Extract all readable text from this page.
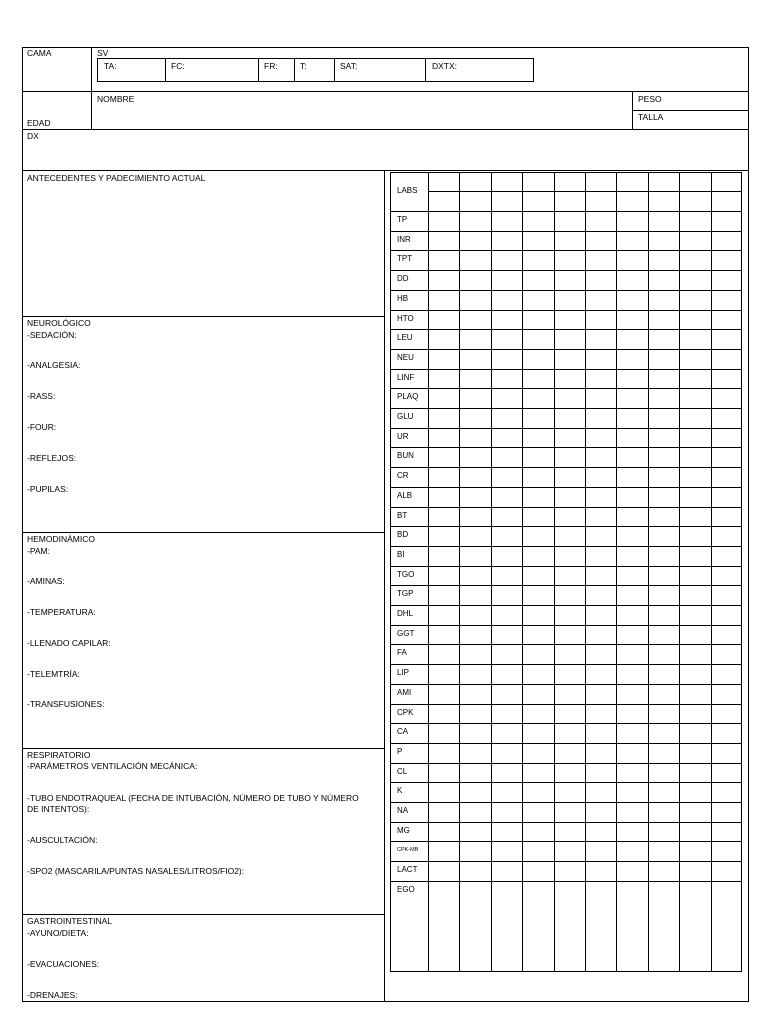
CAMA	SV
TA:	FC:	FR:	T:	SAT:	DXTX:
NOMBRE
EDAD
PESO
TALLA
DX
ANTECEDENTES Y PADECIMIENTO ACTUAL
NEUROLÓGICO
-SEDACIÓN:
-ANALGESIA:
-RASS:
-FOUR:
-REFLEJOS:
-PUPILAS:
HEMODINÁMICO
-PAM:
-AMINAS:
-TEMPERATURA:
-LLENADO CAPILAR:
-TELEMTRÍA:
-TRANSFUSIONES:
RESPIRATORIO
-PARÁMETROS VENTILACIÓN MECÁNICA:
-TUBO ENDOTRAQUEAL (FECHA DE INTUBACIÓN, NÚMERO DE TUBO Y NÚMERO DE INTENTOS):
-AUSCULTACIÓN:
-SPO2 (MASCARILA/PUNTAS NASALES/LITROS/FIO2):
GASTROINTESTINAL
-AYUNO/DIETA:
-EVACUACIONES:
-DRENAJES:
LABS
TP
INR
TPT
DD
HB
HTO
LEU
NEU
LINF
PLAQ
GLU
UR
BUN
CR
ALB
BT
BD
BI
TGO
TGP
DHL
GGT
FA
LIP
AMI
CPK
CA
P
CL
K
NA
MG
CPK-MB
LACT
EGO
